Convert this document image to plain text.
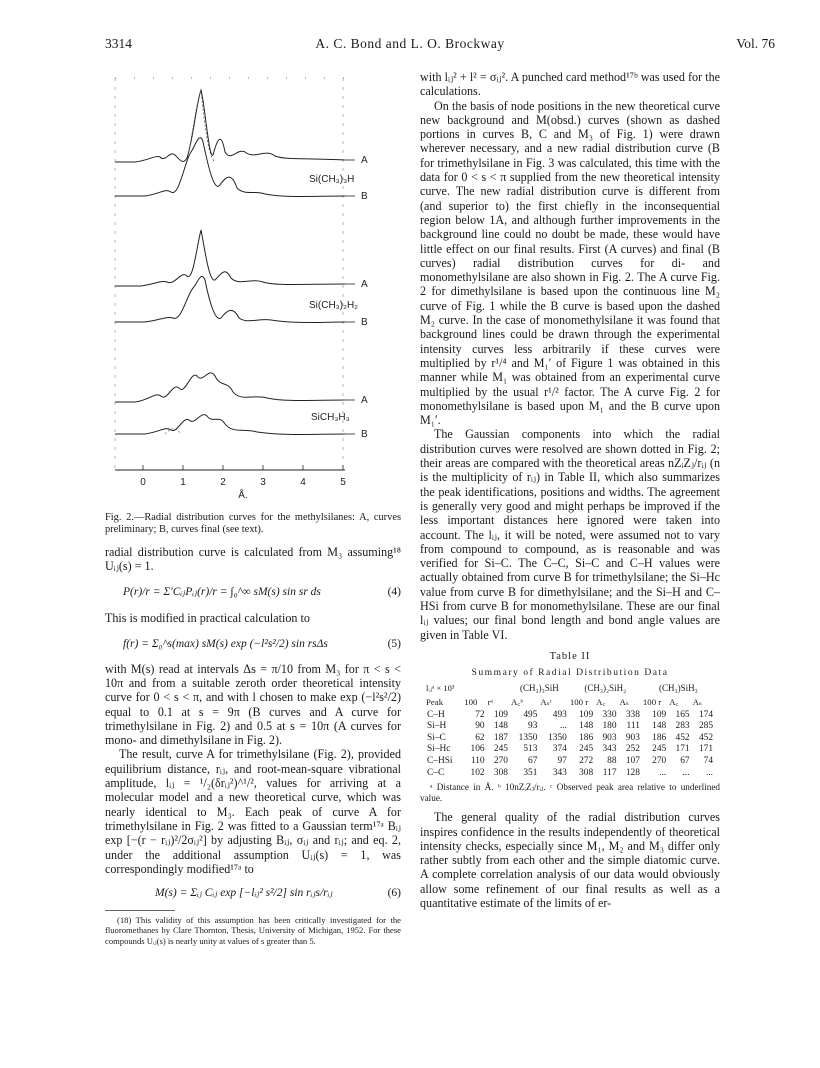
3314	A. C. Bond and L. O. Brockway	Vol. 76
A
Si(CH₃)₃H
B
A
Si(CH₃)₂H₂
B
A
SiCH₃H₃
B
0	1	2	3	4	5
Å.
Fig. 2.—Radial distribution curves for the methylsilanes: A, curves preliminary; B, curves final (see text).

radial distribution curve is calculated from M₃ assuming¹⁸ Uᵢⱼ(s) = 1.

P(r)/r = Σ′CᵢⱼPᵢⱼ(r)/r = ∫₀^∞ sM(s) sin sr ds	(4)

This is modified in practical calculation to

f(r) = Σ₀^s(max) sM(s) exp (−l²s²/2) sin rsΔs	(5)

with M(s) read at intervals Δs = π/10 from M₃ for π < s < 10π and from a suitable zeroth order theoretical intensity curve for 0 < s < π, and with l chosen to make exp (−l²s²/2) equal to 0.1 at s = 9π (B curves and A curve for trimethylsilane in Fig. 2) and 0.5 at s = 10π (A curves for mono- and dimethylsilane in Fig. 2).

The result, curve A for trimethylsilane (Fig. 2), provided equilibrium distance, rᵢⱼ, and root-mean-square vibrational amplitude, lᵢⱼ = ¹/₂(δrᵢⱼ²)^¹/², values for arriving at a molecular model and a new theoretical curve, which was nearly identical to M₃. Each peak of curve A for trimethylsilane in Fig. 2 was fitted to a Gaussian term¹⁷ᵃ Bᵢⱼ exp [−(r − rᵢⱼ)²/2σᵢⱼ²] by adjusting Bᵢⱼ, σᵢⱼ and rᵢⱼ; and eq. 2, under the additional assumption Uᵢⱼ(s) = 1, was correspondingly modified¹⁷ᵃ to

M(s) = Σᵢⱼ Cᵢⱼ exp [−lᵢⱼ² s²/2] sin rᵢⱼs/rᵢⱼ	(6)

(18) This validity of this assumption has been critically investigated for the fluoromethanes by Clare Thornton, Thesis, University of Michigan, 1952. For these compounds Uᵢⱼ(s) is nearly unity at values of s greater than 5.

with lᵢⱼ² + l² = σᵢⱼ². A punched card method¹⁷ᵇ was used for the calculations.

On the basis of node positions in the new theoretical curve new background and M(obsd.) curves (shown as dashed portions in curves B, C and M₃ of Fig. 1) were drawn wherever necessary, and a new radial distribution curve (B for trimethylsilane in Fig. 3 was calculated, this time with the data for 0 < s < π supplied from the new theoretical intensity curve. The new radial distribution curve is different from (and superior to) the first chiefly in the inconsequential region below 1A, and although further improvements in the background line could no doubt be made, these would have little effect on our final results. First (A curves) and final (B curves) radial distribution curves for di- and monomethylsilane are also shown in Fig. 2. The A curve Fig. 2 for dimethylsilane is based upon the continuous line M₂ curve of Fig. 1 while the B curve is based upon the dashed M₂ curve. In the case of monomethylsilane it was found that background lines could be drawn through the experimental intensity curves less arbitrarily if these curves were multiplied by r¹/⁴ and M₁′ of Figure 1 was obtained in this manner while M₁ was obtained from an experimental curve multiplied by the usual r¹/² factor. The A curve Fig. 2 for monomethylsilane is based upon M₁ and the B curve upon M₁′.

The Gaussian components into which the radial distribution curves were resolved are shown dotted in Fig. 2; their areas are compared with the theoretical areas nZᵢZⱼ/rᵢⱼ (n is the multiplicity of rᵢⱼ) in Table II, which also summarizes the peak identifications, positions and widths. The agreement is generally very good and might perhaps be improved if the less important distances here ignored were taken into account. The lᵢⱼ, it will be noted, were assumed not to vary from compound to compound, as is reasonable and was verified for Si–C. The C–C, Si–C and C–H values were actually obtained from curve B for trimethylsilane; the Si–Hc value from curve B for dimethylsilane; and the Si–H and C–HSi from curve B for monomethylsilane. These are our final lᵢⱼ values; our final bond length and bond angle values are given in Table VI.

Table II
Summary of Radial Distribution Data
lᵢⱼᵃ × 10³			(CH₃)₃SiH		(CH₃)₂SiH₂			(CH₃)SiH₃		
Peak	100	rᵃ	A꜀ᵇ	Aₛᶜ	100 r	A꜀	Aₛ	100 r	A꜀	Aₛ
C–H	72	109	495	493	109	330	338	109	165	174
Si–H	90	148	93	...	148	180	111	148	283	285
Si–C	62	187	1350	1350	186	903	903	186	452	452
Si–Hc	106	245	513	374	245	343	252	245	171	171
C–HSi	110	270	67	97	272	88	107	270	67	74
C–C	102	308	351	343	308	117	128	...	...	...

ᵃ Distance in Å. ᵇ 10nZᵢZⱼ/rᵢⱼ. ᶜ Observed peak area relative to underlined value.

The general quality of the radial distribution curves inspires confidence in the results independently of theoretical intensity checks, especially since M₁, M₂ and M₃ differ only rather subtly from each other and the simple diatomic curve. A complete correlation analysis of our data would obviously allow some refinement of our final results as well as a quantitative estimate of the limits of er-
